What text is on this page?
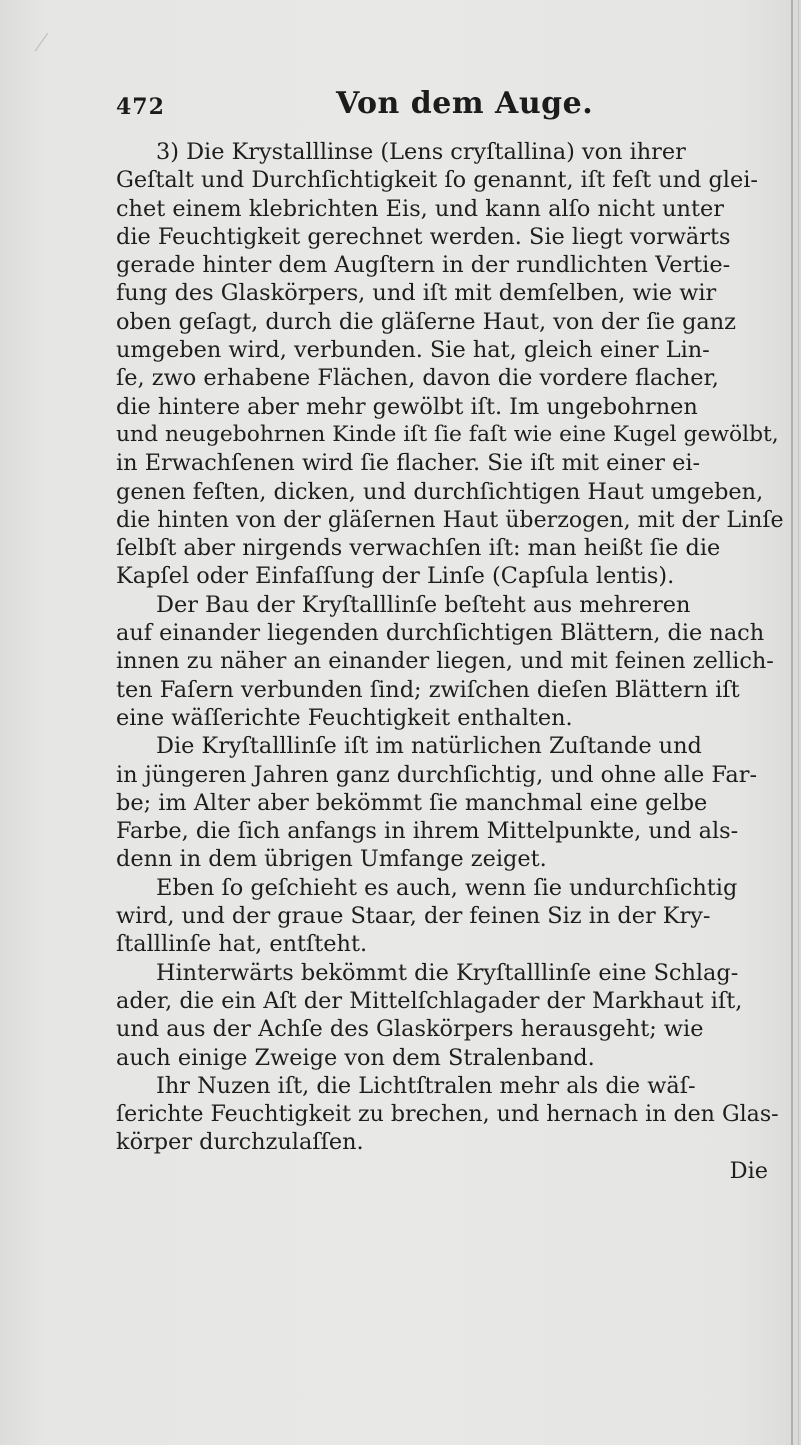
472	Von dem Auge.
3) Die Krystalllinse (Lens cryſtallina) von ihrer
Geſtalt und Durchſichtigkeit ſo genannt, iſt feſt und glei-
chet einem klebrichten Eis, und kann alſo nicht unter
die Feuchtigkeit gerechnet werden. Sie liegt vorwärts
gerade hinter dem Augſtern in der rundlichten Vertie-
fung des Glaskörpers, und iſt mit demſelben, wie wir
oben geſagt, durch die gläſerne Haut, von der ſie ganz
umgeben wird, verbunden. Sie hat, gleich einer Lin-
ſe, zwo erhabene Flächen, davon die vordere flacher,
die hintere aber mehr gewölbt iſt. Im ungebohrnen
und neugebohrnen Kinde iſt ſie faſt wie eine Kugel gewölbt,
in Erwachſenen wird ſie flacher. Sie iſt mit einer ei-
genen feſten, dicken, und durchſichtigen Haut umgeben,
die hinten von der gläſernen Haut überzogen, mit der Linſe
ſelbſt aber nirgends verwachſen iſt: man heißt ſie die
Kapſel oder Einfaſſung der Linſe (Capſula lentis).
Der Bau der Kryſtalllinſe beſteht aus mehreren
auf einander liegenden durchſichtigen Blättern, die nach
innen zu näher an einander liegen, und mit feinen zellich-
ten Faſern verbunden ſind; zwiſchen dieſen Blättern iſt
eine wäſſerichte Feuchtigkeit enthalten.
Die Kryſtalllinſe iſt im natürlichen Zuſtande und
in jüngeren Jahren ganz durchſichtig, und ohne alle Far-
be; im Alter aber bekömmt ſie manchmal eine gelbe
Farbe, die ſich anfangs in ihrem Mittelpunkte, und als-
denn in dem übrigen Umfange zeiget.
Eben ſo geſchieht es auch, wenn ſie undurchſichtig
wird, und der graue Staar, der feinen Siz in der Kry-
ſtalllinſe hat, entſteht.
Hinterwärts bekömmt die Kryſtalllinſe eine Schlag-
ader, die ein Aſt der Mittelſchlagader der Markhaut iſt,
und aus der Achſe des Glaskörpers herausgeht; wie
auch einige Zweige von dem Stralenband.
Ihr Nuzen iſt, die Lichtſtralen mehr als die wäſ-
ſerichte Feuchtigkeit zu brechen, und hernach in den Glas-
körper durchzulaſſen.
Die
